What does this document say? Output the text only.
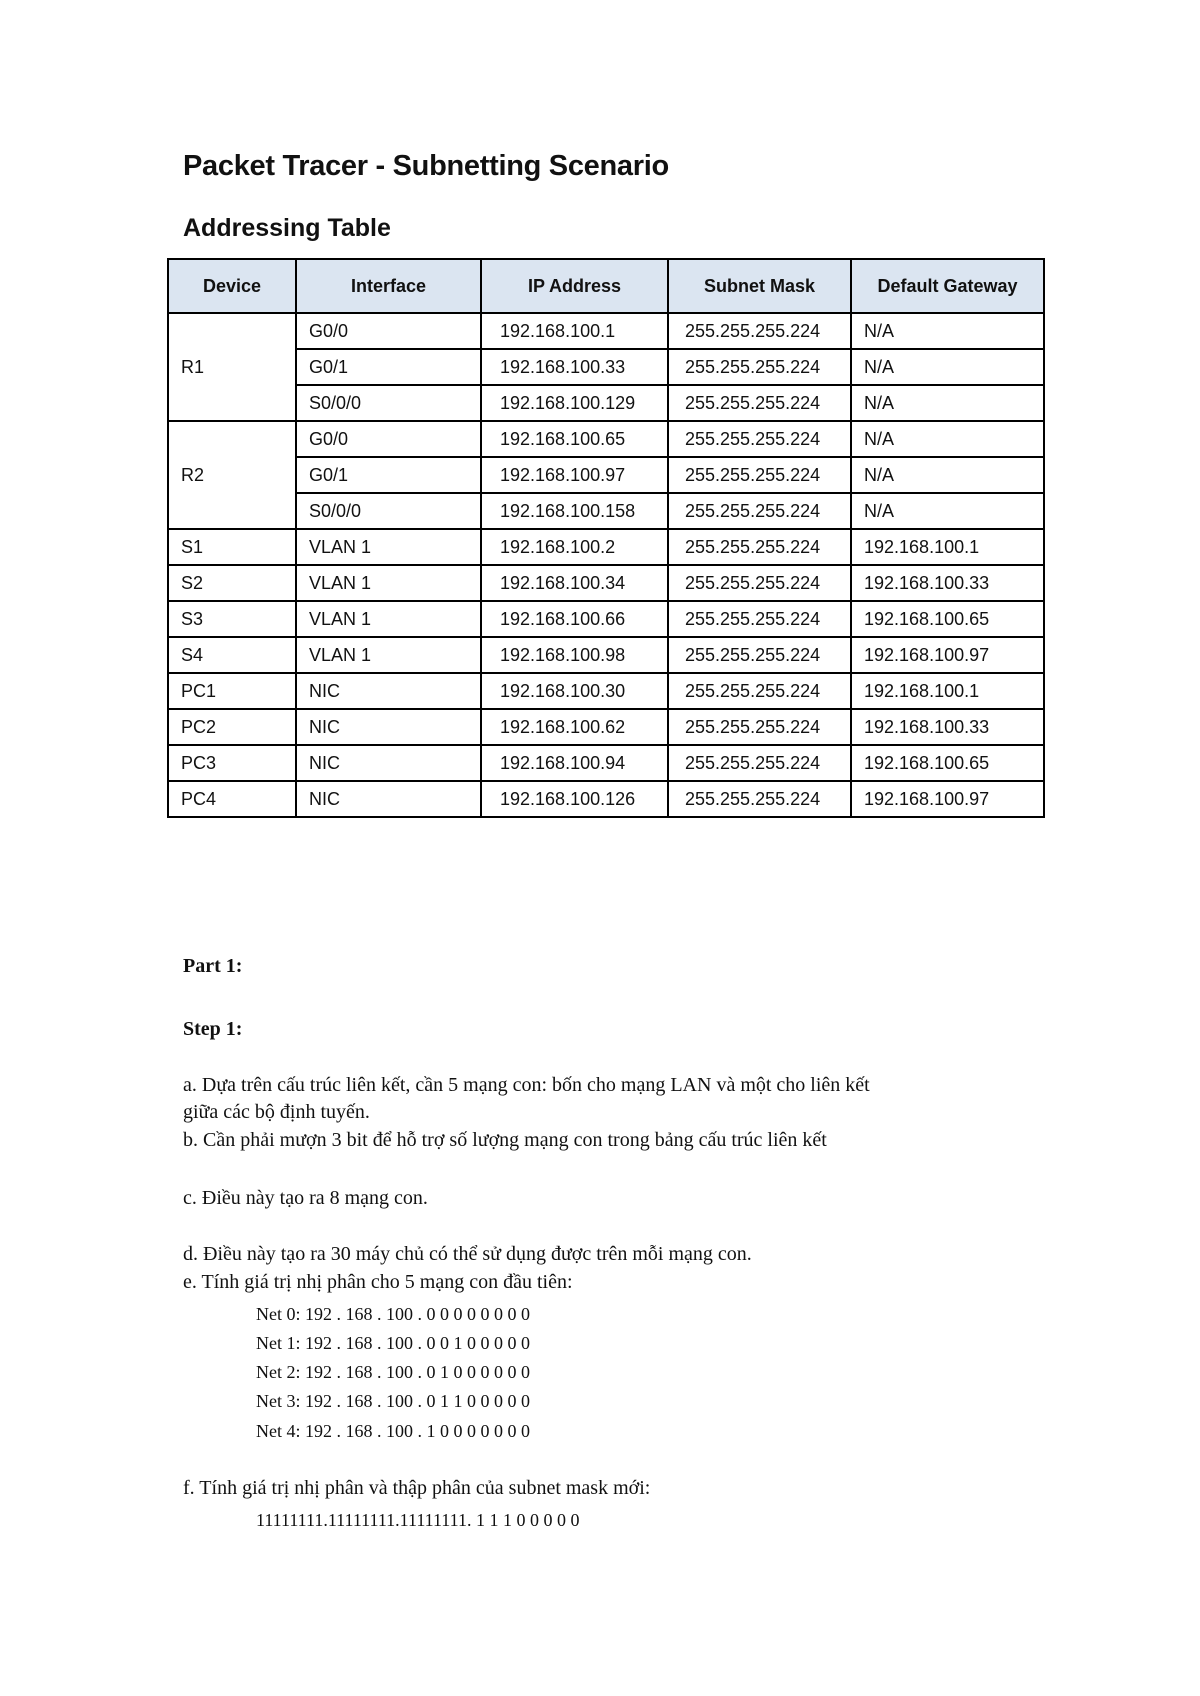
Packet Tracer - Subnetting Scenario
Addressing Table
Device	Interface	IP Address	Subnet Mask	Default Gateway
R1	G0/0	192.168.100.1	255.255.255.224	N/A
	G0/1	192.168.100.33	255.255.255.224	N/A
	S0/0/0	192.168.100.129	255.255.255.224	N/A
R2	G0/0	192.168.100.65	255.255.255.224	N/A
	G0/1	192.168.100.97	255.255.255.224	N/A
	S0/0/0	192.168.100.158	255.255.255.224	N/A
S1	VLAN 1	192.168.100.2	255.255.255.224	192.168.100.1
S2	VLAN 1	192.168.100.34	255.255.255.224	192.168.100.33
S3	VLAN 1	192.168.100.66	255.255.255.224	192.168.100.65
S4	VLAN 1	192.168.100.98	255.255.255.224	192.168.100.97
PC1	NIC	192.168.100.30	255.255.255.224	192.168.100.1
PC2	NIC	192.168.100.62	255.255.255.224	192.168.100.33
PC3	NIC	192.168.100.94	255.255.255.224	192.168.100.65
PC4	NIC	192.168.100.126	255.255.255.224	192.168.100.97
Part 1:
Step 1:
a. Dựa trên cấu trúc liên kết, cần 5 mạng con: bốn cho mạng LAN và một cho liên kết
giữa các bộ định tuyến.
b. Cần phải mượn 3 bit để hỗ trợ số lượng mạng con trong bảng cấu trúc liên kết
c. Điều này tạo ra 8 mạng con.
d. Điều này tạo ra 30 máy chủ có thể sử dụng được trên mỗi mạng con.
e. Tính giá trị nhị phân cho 5 mạng con đầu tiên:
Net 0: 192 . 168 . 100 . 0 0 0 0 0 0 0 0
Net 1: 192 . 168 . 100 . 0 0 1 0 0 0 0 0
Net 2: 192 . 168 . 100 . 0 1 0 0 0 0 0 0
Net 3: 192 . 168 . 100 . 0 1 1 0 0 0 0 0
Net 4: 192 . 168 . 100 . 1 0 0 0 0 0 0 0
f. Tính giá trị nhị phân và thập phân của subnet mask mới:
11111111.11111111.11111111. 1 1 1 0 0 0 0 0
